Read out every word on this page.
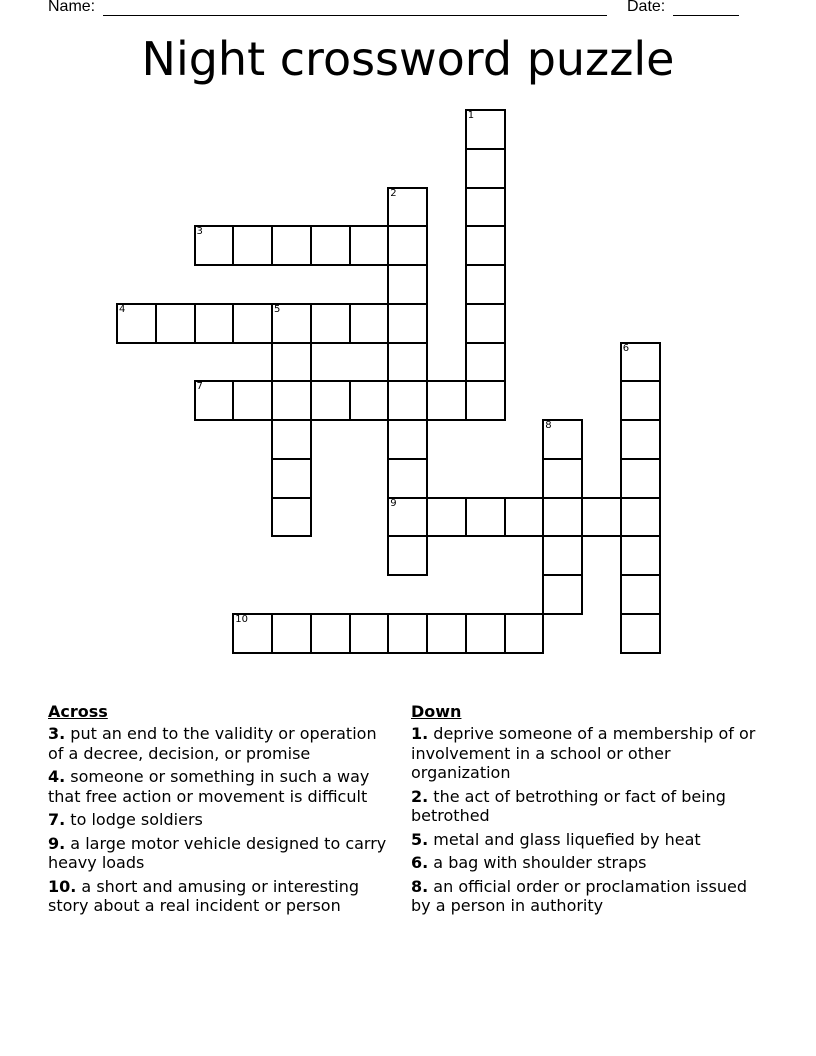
Name:	Date:
Night crossword puzzle
1
2
9
3
4	5
6
7
8
10
Across
3. put an end to the validity or operation of a decree, decision, or promise
4. someone or something in such a way that free action or movement is difficult
7. to lodge soldiers
9. a large motor vehicle designed to carry heavy loads
10. a short and amusing or interesting story about a real incident or person
Down
1. deprive someone of a membership of or involvement in a school or other organization
2. the act of betrothing or fact of being betrothed
5. metal and glass liquefied by heat
6. a bag with shoulder straps
8. an official order or proclamation issued by a person in authority
